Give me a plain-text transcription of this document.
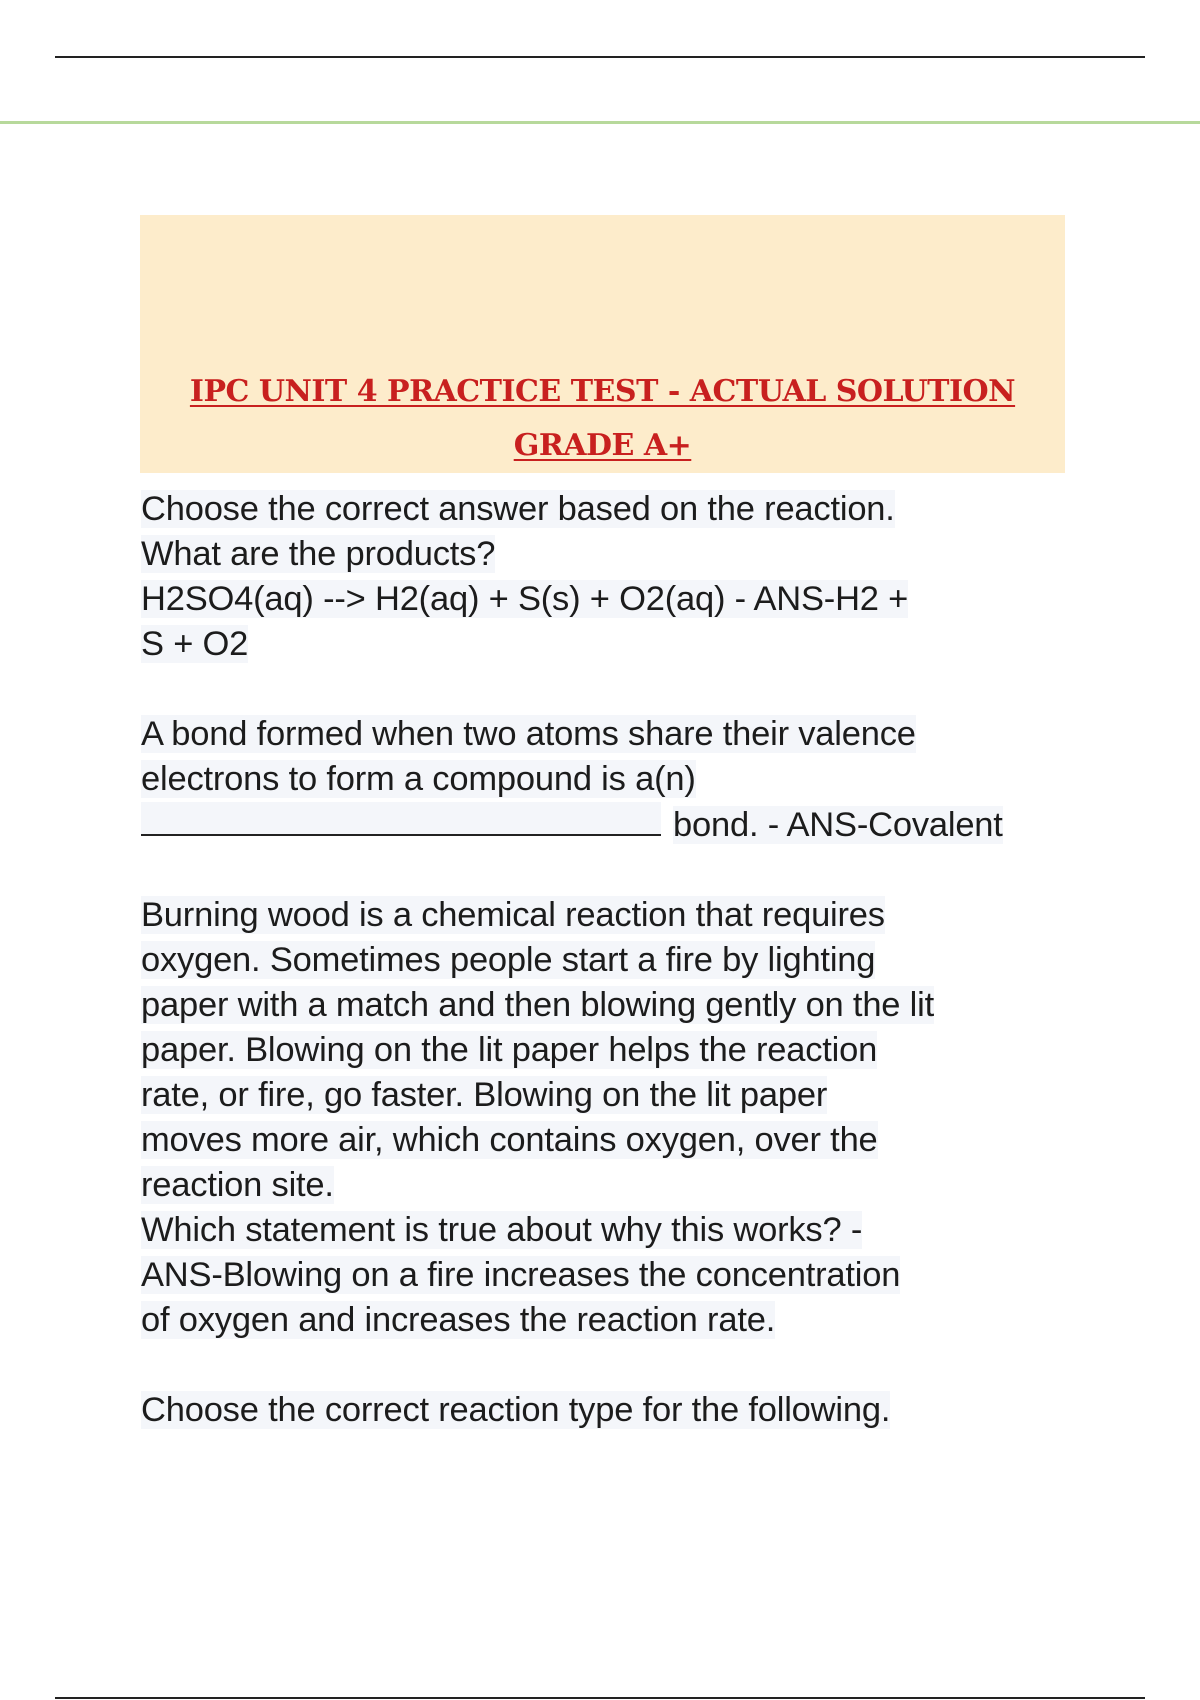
IPC UNIT 4 PRACTICE TEST - ACTUAL SOLUTION
GRADE A+
Choose the correct answer based on the reaction.
What are the products?
H2SO4(aq) --> H2(aq) + S(s) + O2(aq) - ANS-H2 +
S + O2
A bond formed when two atoms share their valence
electrons to form a compound is a(n)
bond. - ANS-Covalent
Burning wood is a chemical reaction that requires
oxygen. Sometimes people start a fire by lighting
paper with a match and then blowing gently on the lit
paper. Blowing on the lit paper helps the reaction
rate, or fire, go faster. Blowing on the lit paper
moves more air, which contains oxygen, over the
reaction site.
Which statement is true about why this works? -
ANS-Blowing on a fire increases the concentration
of oxygen and increases the reaction rate.
Choose the correct reaction type for the following.
